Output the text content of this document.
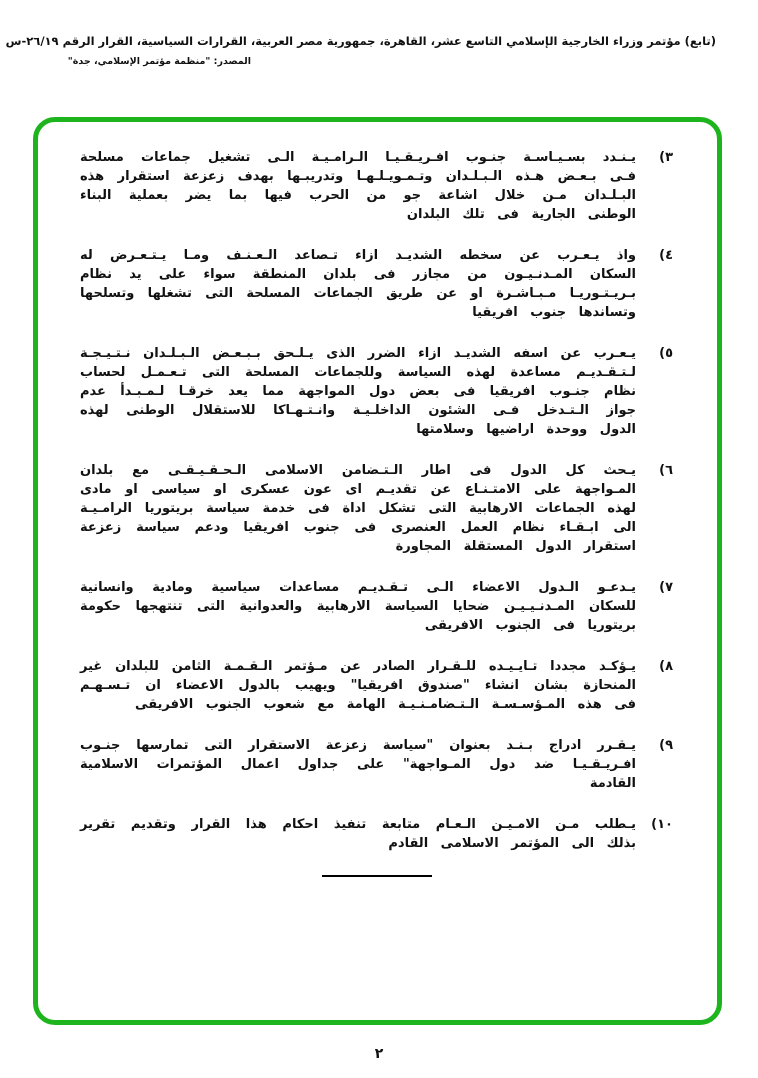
(تابع) مؤتمر وزراء الخارجية الإسلامي التاسع عشر، القاهرة، جمهورية مصر العربية، القرارات السياسية، القرار الرقم ٢٦/١٩-س
المصدر: "منظمة مؤتمر الإسلامي، جدة"
٣)
يـنـدد بسـيـاسـة جنـوب افـريـقـيـا الـرامـيـة الـى تشغيل جماعات مسلحة فـى بـعـض هـذه الـبـلـدان وتـمـويـلـهـا وتدريبـها بهدف زعزعة استقرار هذه البـلـدان مـن خلال اشاعة جو من الحرب فيها بما يضر بعملية البناء الوطنى الجارية فى تلك البلدان
٤)
واذ يـعـرب عن سخطه الشديـد ازاء تـصاعد الـعـنـف ومـا يـتـعـرض له السكان المـدنـيـون من مجازر فى بلدان المنطقة سواء على يد نظام بـريـتـوريـا مـبـاشـرة او عن طريق الجماعات المسلحة التى تشغلها وتسلحها وتساندها جنوب افريقيا
٥)
يـعـرب عن اسفه الشديـد ازاء الضرر الذى يـلـحق بـبـعـض الـبـلـدان نـتـيـجـة لـتـقـديـم مساعدة لهذه السياسة وللجماعات المسلحة التى تـعـمـل لحساب نظام جنـوب افريقيا فى بعض دول المواجهة مما يعد خرقـا لـمـبـدأ عدم جواز الـتـدخل فـى الشئون الداخلـيـة وانـتـهـاكا للاستقلال الوطنى لهذه الدول ووحدة اراضيها وسلامتها
٦)
يـحث كل الدول فى اطار الـتـضامن الاسلامى الـحـقـيـقـى مع بلدان المـواجهة على الامتـنـاع عن تقديـم اى عون عسكرى او سياسى او مادى لهذه الجماعات الارهابية التى تشكل اداة فى خدمة سياسة بريتوريا الرامـيـة الى ابـقـاء نظام العمل العنصرى فى جنوب افريقيا ودعم سياسة زعزعة استقرار الدول المستقلة المجاورة
٧)
يـدعـو الـدول الاعضاء الـى تـقـديـم مساعدات سياسية ومادية وانسانية للسكان المـدنـيـيـن ضحايا السياسة الارهابية والعدوانية التى تنتهجها حكومة بريتوريا فى الجنوب الافريقى
٨)
يـؤكـد مجددا تـايـيـده للـقـرار الصادر عن مـؤتمر الـقـمـة الثامن للبلدان غير المنحازة بشان انشاء "صندوق افريقيا" ويهيب بالدول الاعضاء ان تـسـهـم فى هذه المـؤسـسـة الـتـضامـنـيـة الهامة مع شعوب الجنوب الافريقى
٩)
يـقـرر ادراج بـنـد بعنوان "سياسة زعزعة الاستقرار التى تمارسها جنـوب افـريـقـيـا ضد دول المـواجهة" على جداول اعمال المؤتمرات الاسلامية القادمة
١٠)
يـطلب مـن الامـيـن الـعـام متابعة تنفيذ احكام هذا القرار وتقديم تقرير بذلك الى المؤتمر الاسلامى القادم
٢
